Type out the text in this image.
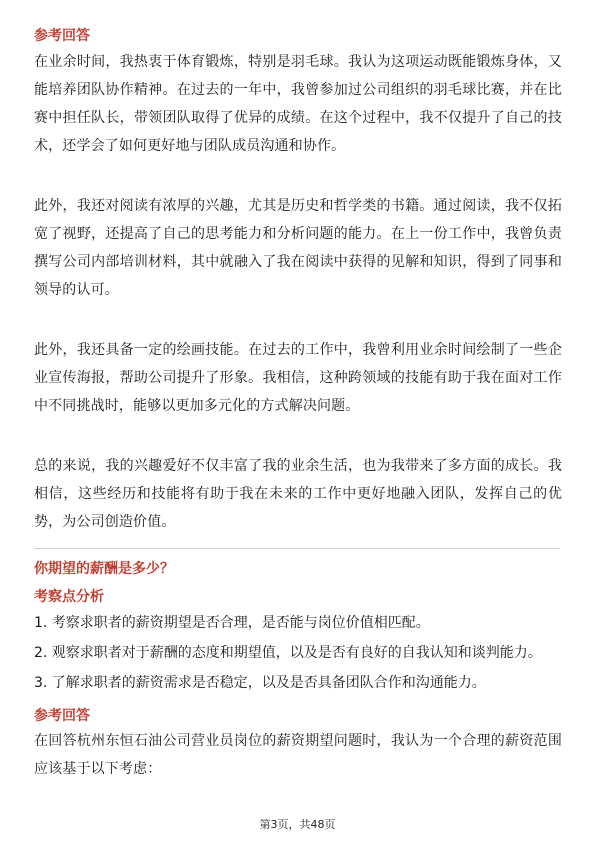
参考回答
在业余时间，我热衷于体育锻炼，特别是羽毛球。我认为这项运动既能锻炼身体，又能培养团队协作精神。在过去的一年中，我曾参加过公司组织的羽毛球比赛，并在比赛中担任队长，带领团队取得了优异的成绩。在这个过程中，我不仅提升了自己的技术，还学会了如何更好地与团队成员沟通和协作。
此外，我还对阅读有浓厚的兴趣，尤其是历史和哲学类的书籍。通过阅读，我不仅拓宽了视野，还提高了自己的思考能力和分析问题的能力。在上一份工作中，我曾负责撰写公司内部培训材料，其中就融入了我在阅读中获得的见解和知识，得到了同事和领导的认可。
此外，我还具备一定的绘画技能。在过去的工作中，我曾利用业余时间绘制了一些企业宣传海报，帮助公司提升了形象。我相信，这种跨领域的技能有助于我在面对工作中不同挑战时，能够以更加多元化的方式解决问题。
总的来说，我的兴趣爱好不仅丰富了我的业余生活，也为我带来了多方面的成长。我相信，这些经历和技能将有助于我在未来的工作中更好地融入团队，发挥自己的优势，为公司创造价值。
你期望的薪酬是多少？
考察点分析
1. 考察求职者的薪资期望是否合理，是否能与岗位价值相匹配。
2. 观察求职者对于薪酬的态度和期望值，以及是否有良好的自我认知和谈判能力。
3. 了解求职者的薪资需求是否稳定，以及是否具备团队合作和沟通能力。
参考回答
在回答杭州东恒石油公司营业员岗位的薪资期望问题时，我认为一个合理的薪资范围应该基于以下考虑：
第3页，共48页
